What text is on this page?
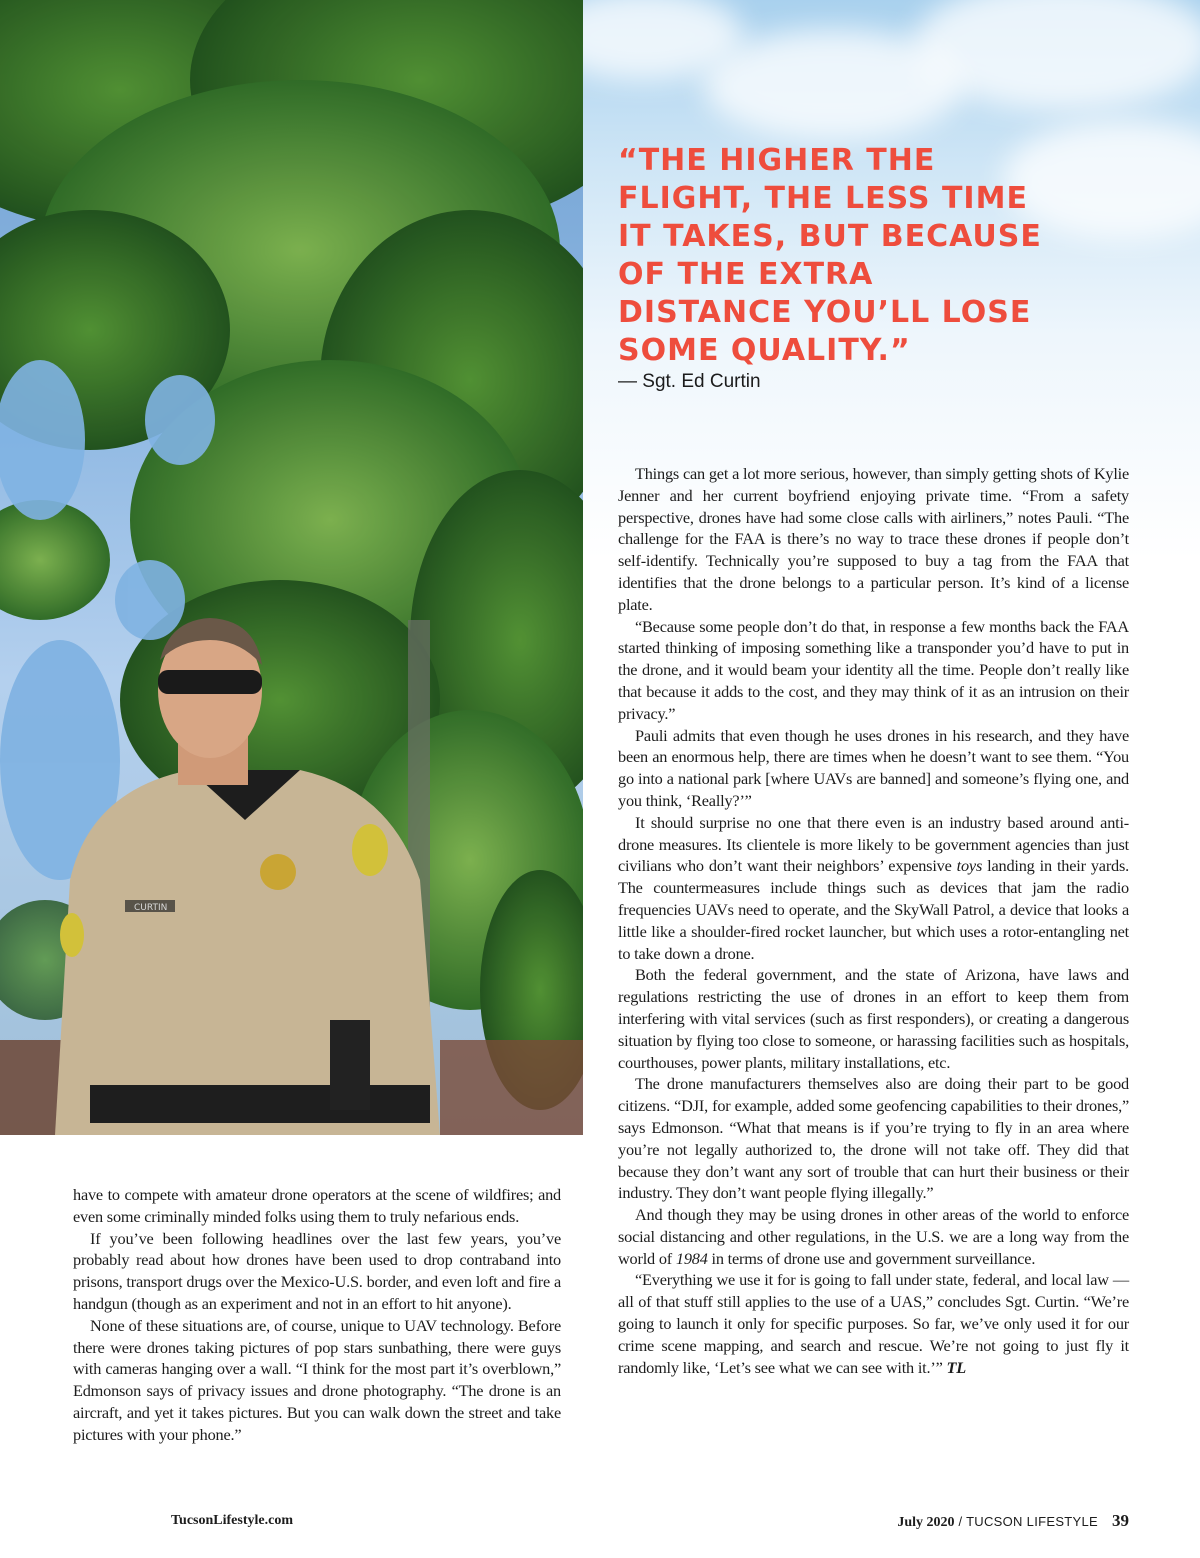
CURTIN

“THE HIGHER THE FLIGHT, THE LESS TIME IT TAKES, BUT BECAUSE OF THE EXTRA DISTANCE YOU’LL LOSE SOME QUALITY.”

— Sgt. Ed Curtin

have to compete with amateur drone operators at the scene of wildfires; and even some criminally minded folks using them to truly nefarious ends.

If you’ve been following headlines over the last few years, you’ve probably read about how drones have been used to drop contraband into prisons, transport drugs over the Mexico-U.S. border, and even loft and fire a handgun (though as an experiment and not in an effort to hit anyone).

None of these situations are, of course, unique to UAV technology. Before there were drones taking pictures of pop stars sunbathing, there were guys with cameras hanging over a wall. “I think for the most part it’s overblown,” Edmonson says of privacy issues and drone photography. “The drone is an aircraft, and yet it takes pictures. But you can walk down the street and take pictures with your phone.”

Things can get a lot more serious, however, than simply getting shots of Kylie Jenner and her current boyfriend enjoying private time. “From a safety perspective, drones have had some close calls with airliners,” notes Pauli. “The challenge for the FAA is there’s no way to trace these drones if people don’t self-identify. Technically you’re supposed to buy a tag from the FAA that identifies that the drone belongs to a particular person. It’s kind of a license plate.

“Because some people don’t do that, in response a few months back the FAA started thinking of imposing something like a transponder you’d have to put in the drone, and it would beam your identity all the time. People don’t really like that because it adds to the cost, and they may think of it as an intrusion on their privacy.”

Pauli admits that even though he uses drones in his research, and they have been an enormous help, there are times when he doesn’t want to see them. “You go into a national park [where UAVs are banned] and someone’s flying one, and you think, ‘Really?’”

It should surprise no one that there even is an industry based around anti-drone measures. Its clientele is more likely to be government agencies than just civilians who don’t want their neighbors’ expensive toys landing in their yards. The countermeasures include things such as devices that jam the radio frequencies UAVs need to operate, and the SkyWall Patrol, a device that looks a little like a shoulder-fired rocket launcher, but which uses a rotor-entangling net to take down a drone.

Both the federal government, and the state of Arizona, have laws and regulations restricting the use of drones in an effort to keep them from interfering with vital services (such as first responders), or creating a dangerous situation by flying too close to someone, or harassing facilities such as hospitals, courthouses, power plants, military installations, etc.

The drone manufacturers themselves also are doing their part to be good citizens. “DJI, for example, added some geofencing capabilities to their drones,” says Edmonson. “What that means is if you’re trying to fly in an area where you’re not legally authorized to, the drone will not take off. They did that because they don’t want any sort of trouble that can hurt their business or their industry. They don’t want people flying illegally.”

And though they may be using drones in other areas of the world to enforce social distancing and other regulations, in the U.S. we are a long way from the world of 1984 in terms of drone use and government surveillance.

“Everything we use it for is going to fall under state, federal, and local law — all of that stuff still applies to the use of a UAS,” concludes Sgt. Curtin. “We’re going to launch it only for specific purposes. So far, we’ve only used it for our crime scene mapping, and search and rescue. We’re not going to just fly it randomly like, ‘Let’s see what we can see with it.’” TL

TucsonLifestyle.com	July 2020 / TUCSON LIFESTYLE 39
